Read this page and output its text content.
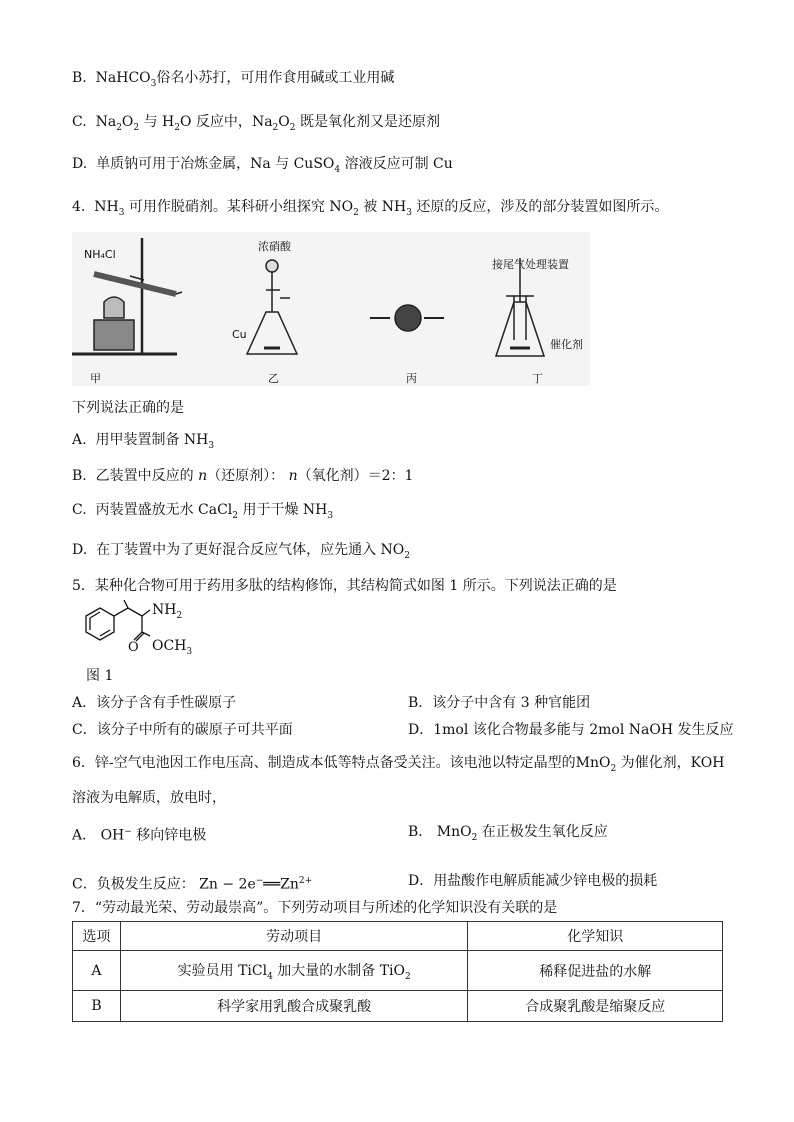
B. NaHCO$_3$俗名小苏打，可用作食用碱或工业用碱
C. $Na_2O_2$ 与 $H_2O$ 反应中，$Na_2O_2$ 既是氧化剂又是还原剂
D. 单质钠可用于冶炼金属，Na 与 CuSO$_4$ 溶液反应可制 Cu
4. $NH_3$ 可用作脱硝剂。某科研小组探究 $NO_2$ 被 $NH_3$ 还原的反应，涉及的部分装置如图所示。
NH₄Cl
浓硝酸
Cu
接尾气处理装置
催化剂
甲	乙	丙	丁
下列说法正确的是
A. 用甲装置制备 $NH_3$
B. 乙装置中反应的 n（还原剂）： n（氧化剂）＝2：1
C. 丙装置盛放无水 CaCl$_2$ 用于干燥 $NH_3$
D. 在丁装置中为了更好混合反应气体，应先通入 $NO_2$
5．某种化合物可用于药用多肽的结构修饰，其结构简式如图 1 所示。下列说法正确的是
$NH_2$
O $OCH_3$
图 1
A．该分子含有手性碳原子	B．该分子中含有 3 种官能团
C．该分子中所有的碳原子可共平面	D．1mol 该化合物最多能与 2mol NaOH 发生反应
6．锌-空气电池因工作电压高、制造成本低等特点备受关注。该电池以特定晶型的MnO$_2$ 为催化剂，KOH
溶液为电解质，放电时，
A． OH− 移向锌电极	B． MnO$_2$ 在正极发生氧化反应
C．负极发生反应： $Zn - 2e^-══Zn^{2+}$	D．用盐酸作电解质能减少锌电极的损耗
7．“劳动最光荣、劳动最崇高”。下列劳动项目与所述的化学知识没有关联的是
选项	劳动项目	化学知识
A	实验员用 TiCl$_4$ 加大量的水制备 TiO$_2$	稀释促进盐的水解
B	科学家用乳酸合成聚乳酸	合成聚乳酸是缩聚反应
